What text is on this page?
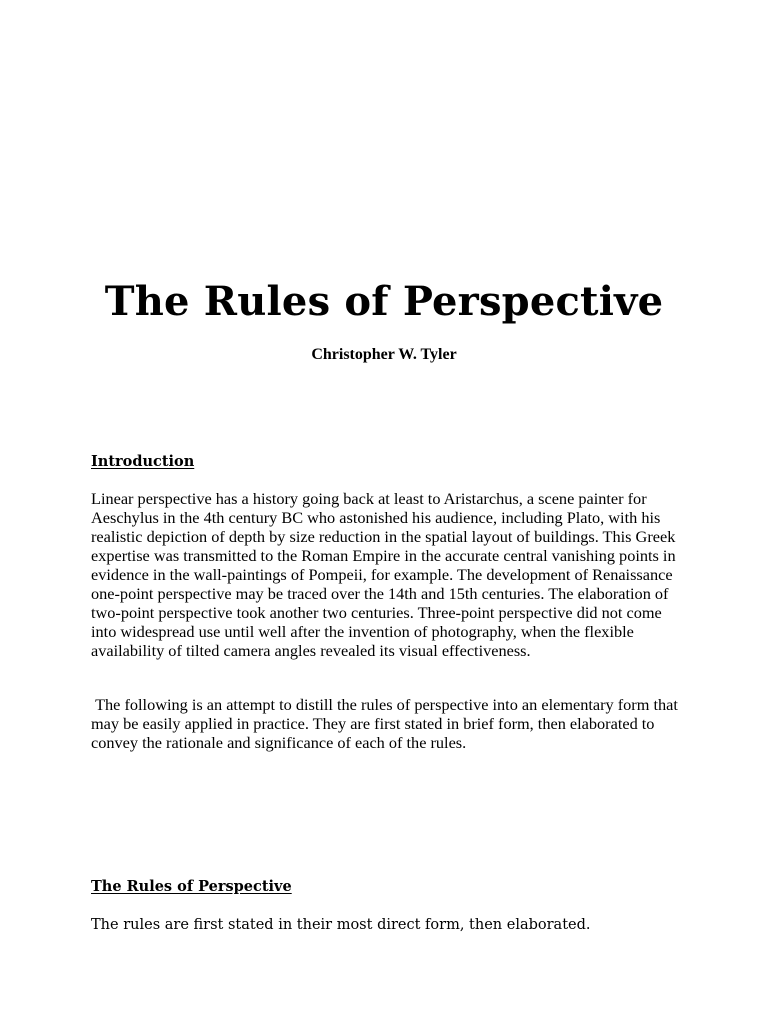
The Rules of Perspective

Christopher W. Tyler

Introduction

Linear perspective has a history going back at least to Aristarchus, a scene painter for Aeschylus in the 4th century BC who astonished his audience, including Plato, with his realistic depiction of depth by size reduction in the spatial layout of buildings. This Greek expertise was transmitted to the Roman Empire in the accurate central vanishing points in evidence in the wall-paintings of Pompeii, for example. The development of Renaissance one-point perspective may be traced over the 14th and 15th centuries. The elaboration of two-point perspective took another two centuries. Three-point perspective did not come into widespread use until well after the invention of photography, when the flexible availability of tilted camera angles revealed its visual effectiveness.

The following is an attempt to distill the rules of perspective into an elementary form that may be easily applied in practice. They are first stated in brief form, then elaborated to convey the rationale and significance of each of the rules.

The Rules of Perspective

The rules are first stated in their most direct form, then elaborated.
